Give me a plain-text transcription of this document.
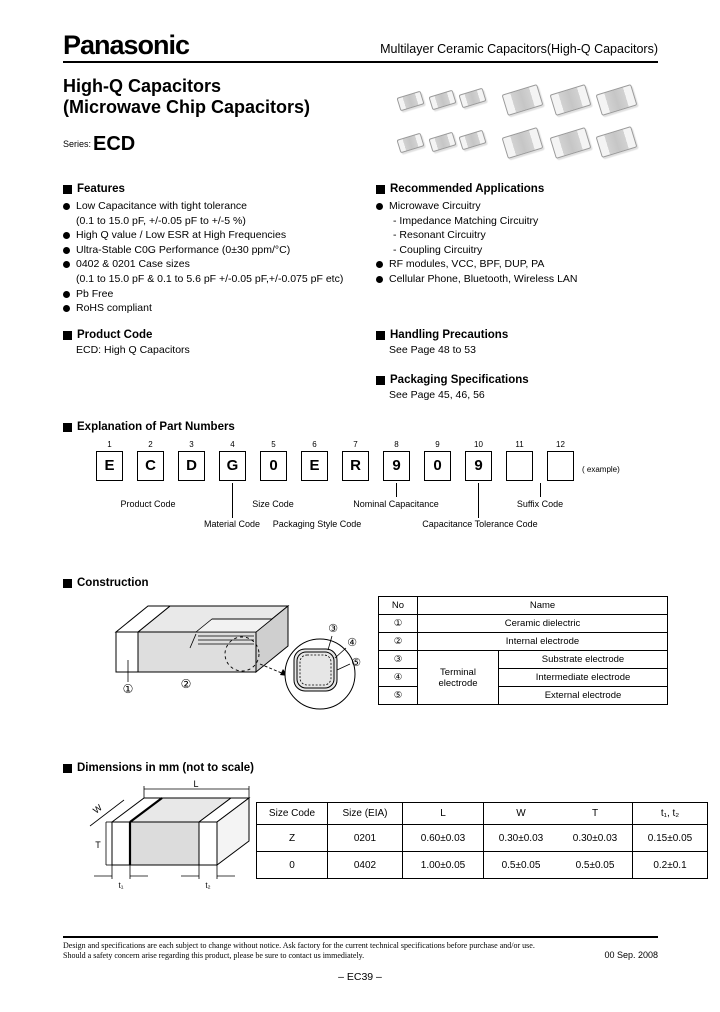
Panasonic	Multilayer Ceramic Capacitors(High-Q Capacitors)
High-Q Capacitors
(Microwave Chip Capacitors)
Series: ECD
Features
Low Capacitance with tight tolerance
(0.1 to 15.0 pF, +/-0.05 pF to +/-5 %)
High Q value / Low ESR at High Frequencies
Ultra-Stable C0G Performance (0±30 ppm/°C)
0402 & 0201 Case sizes
(0.1 to 15.0 pF & 0.1 to 5.6 pF +/-0.05 pF,+/-0.075 pF etc)
Pb Free
RoHS compliant
Recommended Applications
Microwave Circuitry
- Impedance Matching Circuitry
- Resonant Circuitry
- Coupling Circuitry
RF modules, VCC, BPF, DUP, PA
Cellular Phone, Bluetooth, Wireless LAN
Product Code
ECD: High Q Capacitors
Handling Precautions
See Page 48 to 53
Packaging Specifications
See Page 45, 46, 56
Explanation of Part Numbers
1
E
2
C
3
D
4
G
5
0
6
E
7
R
8
9
9
0
10
9
11	12
( example)
Product Code	Size Code	Nominal Capacitance	Suffix Code
Material Code	Packaging Style Code	Capacitance Tolerance Code
Construction
①	②
③
④
⑤
No	Name	
①	Ceramic dielectric	
②	Internal electrode	
③	Terminal electrode	Substrate electrode
④		Intermediate electrode
⑤		External electrode
Dimensions in mm (not to scale)
L
W
T
t₁	t₂
Size Code	Size (EIA)	L	W	T	t₁, t₂
Z	0201	0.60±0.03	0.30±0.03	0.30±0.03	0.15±0.05
0	0402	1.00±0.05	0.5±0.05	0.5±0.05	0.2±0.1
Design and specifications are each subject to change without notice. Ask factory for the current technical specifications before purchase and/or use.
Should a safety concern arise regarding this product, please be sure to contact us immediately.	00 Sep. 2008
– EC39 –
